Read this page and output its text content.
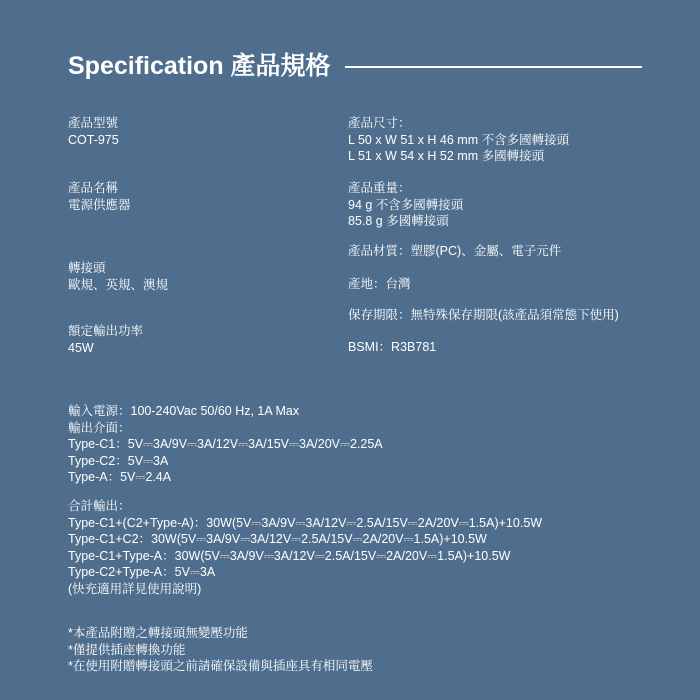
Specification 產品規格
產品型號
COT-975
產品名稱
電源供應器
轉接頭
歐規、英規、澳規
額定輸出功率
45W
產品尺寸：
L 50 x W 51 x H 46 mm 不含多國轉接頭
L 51 x W 54 x H 52 mm 多國轉接頭
產品重量：
94 g 不含多國轉接頭
85.8 g 多國轉接頭
產品材質：塑膠(PC)、金屬、電子元件
產地：台灣
保存期限：無特殊保存期限(該產品須常態下使用)
BSMI：R3B781
輸入電源：100-240Vac 50/60 Hz, 1A Max
輸出介面：
Type-C1：5V⎓3A/9V⎓3A/12V⎓3A/15V⎓3A/20V⎓2.25A
Type-C2：5V⎓3A
Type-A：5V⎓2.4A
合計輸出：
Type-C1+(C2+Type-A)：30W(5V⎓3A/9V⎓3A/12V⎓2.5A/15V⎓2A/20V⎓1.5A)+10.5W
Type-C1+C2：30W(5V⎓3A/9V⎓3A/12V⎓2.5A/15V⎓2A/20V⎓1.5A)+10.5W
Type-C1+Type-A：30W(5V⎓3A/9V⎓3A/12V⎓2.5A/15V⎓2A/20V⎓1.5A)+10.5W
Type-C2+Type-A：5V⎓3A
(快充適用詳見使用說明)
*本產品附贈之轉接頭無變壓功能
*僅提供插座轉換功能
*在使用附贈轉接頭之前請確保設備與插座具有相同電壓
